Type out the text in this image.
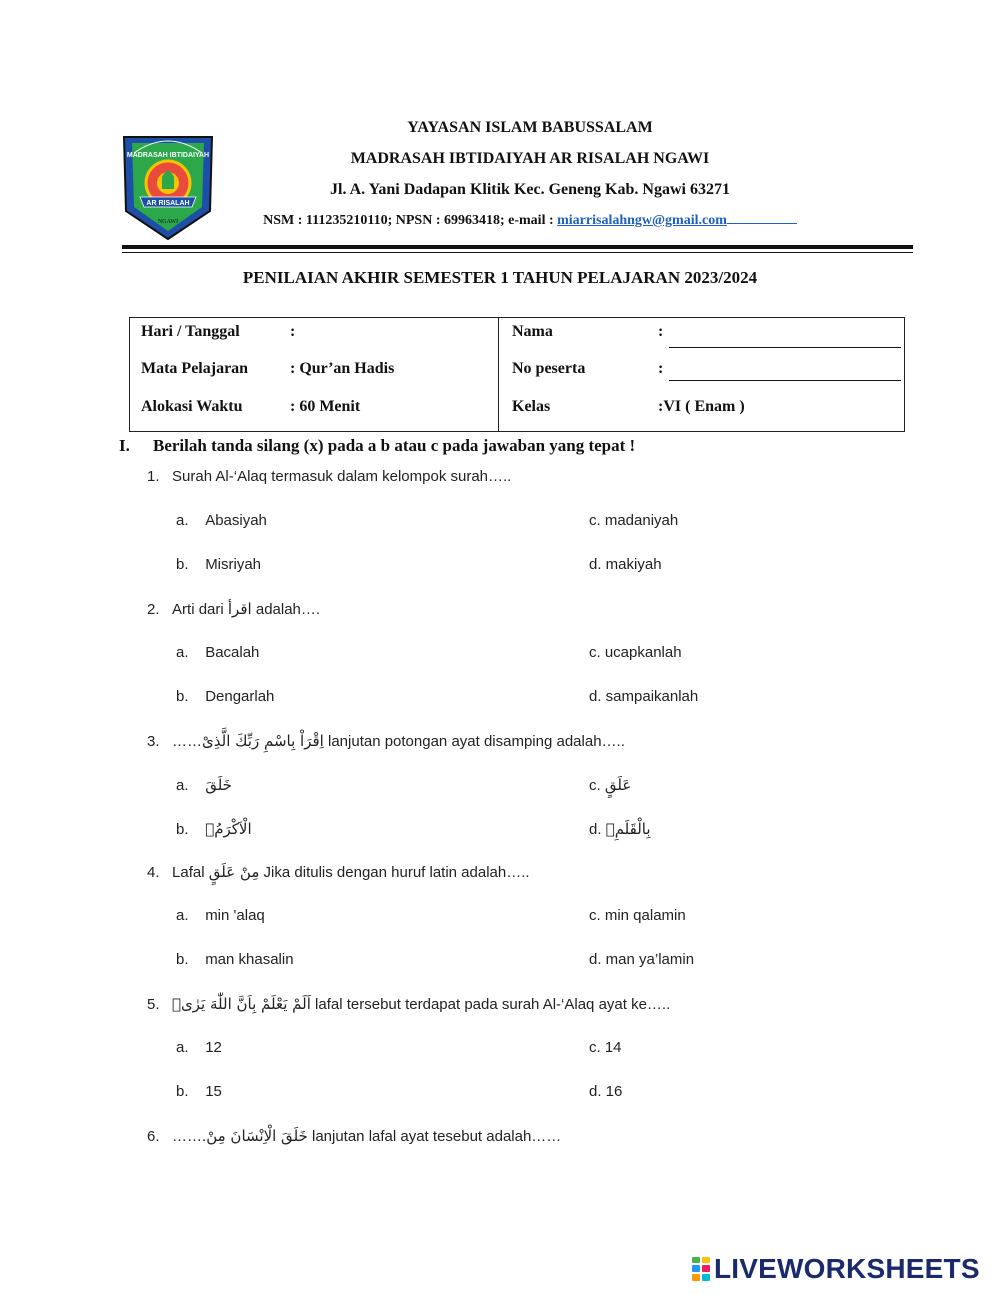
MADRASAH IBTIDAIYAH
AR RISALAH
NGAWI
YAYASAN ISLAM BABUSSALAM
MADRASAH IBTIDAIYAH AR RISALAH NGAWI
Jl. A. Yani Dadapan Klitik Kec. Geneng Kab. Ngawi 63271
NSM : 111235210110; NPSN : 69963418; e-mail : miarrisalahngw@gmail.com
PENILAIAN AKHIR SEMESTER 1 TAHUN PELAJARAN 2023/2024
Hari / Tanggal	:
Mata Pelajaran	: Qur’an Hadis
Alokasi Waktu	: 60 Menit
Nama	:
No peserta	:
Kelas	:VI ( Enam )
I. Berilah tanda silang (x) pada a b atau c pada jawaban yang tepat !
1. Surah Al-‘Alaq termasuk dalam kelompok surah…..
a. Abasiyah
b. Misriyah
c. madaniyah
d. makiyah
2. Arti dari اقرأ adalah….
a. Bacalah
b. Dengarlah
c. ucapkanlah
d. sampaikanlah
3. ……اِقْرَاْ بِاسْمِ رَبِّكَ الَّذِىْ lanjutan potongan ayat disamping adalah…..
a. خَلَقَ
b. الْاَكْرَمُۙ
c. عَلَقٍ
d. بِالْقَلَمِۙ
4. Lafal مِنْ عَلَقٍ Jika ditulis dengan huruf latin adalah…..
a. min 'alaq
b. man khasalin
c. min qalamin
d. man ya’lamin
5. اَلَمْ يَعْلَمْ بِاَنَّ اللّٰهَ يَرٰىۗ lafal tersebut terdapat pada surah Al-‘Alaq ayat ke…..
a. 12
b. 15
c. 14
d. 16
6. …….خَلَقَ الْاِنْسَانَ مِنْ lanjutan lafal ayat tesebut adalah……
LIVEWORKSHEETS
